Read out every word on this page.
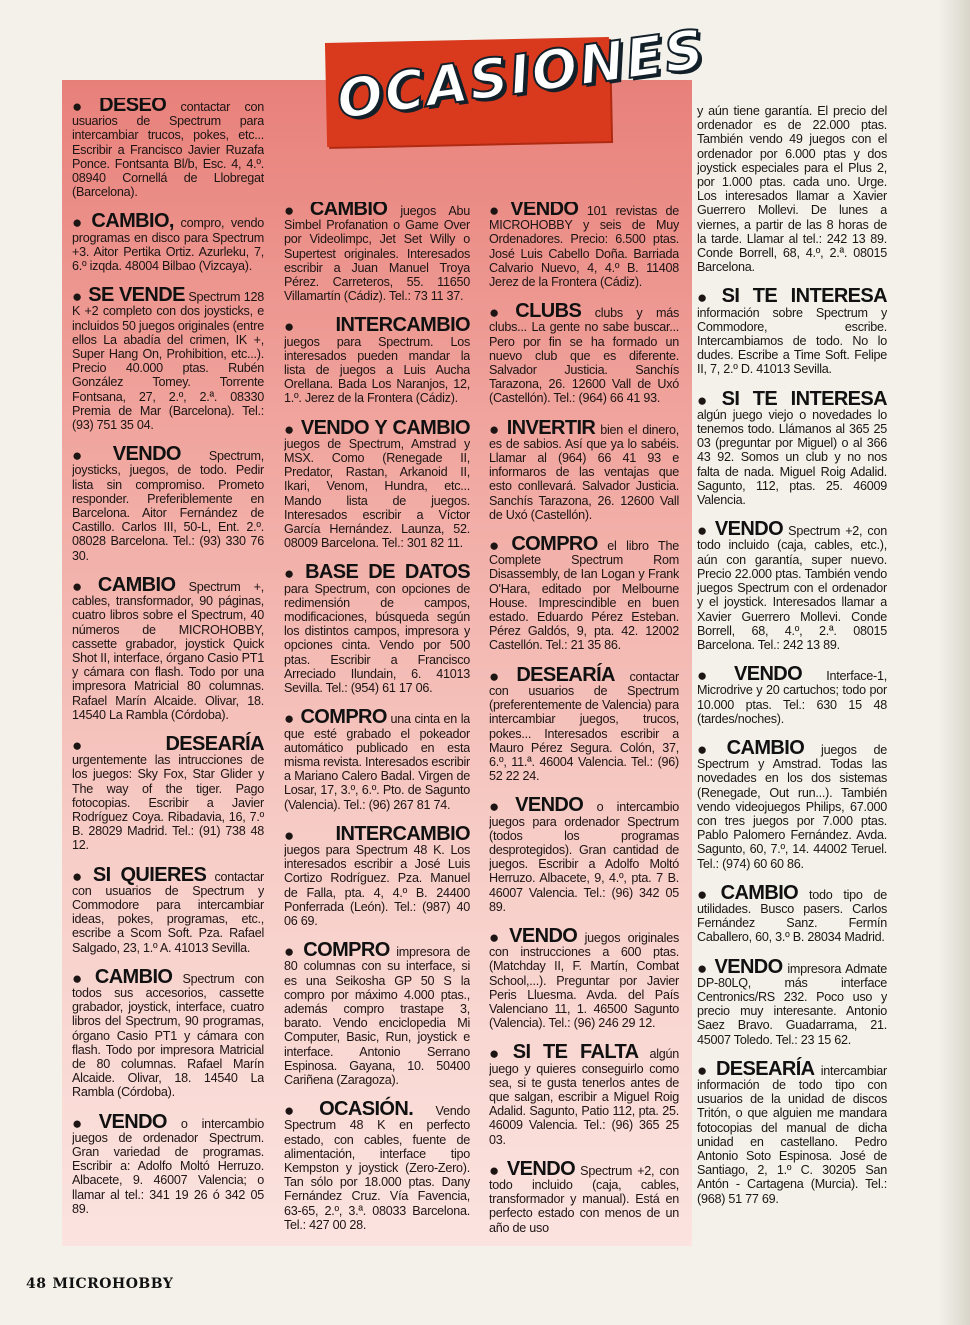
OCASIONES

● DESEO contactar con usuarios de Spectrum para intercambiar trucos, pokes, etc... Escribir a Francisco Javier Ruzafa Ponce. Fontsanta Bl/b, Esc. 4, 4.º. 08940 Cornellá de Llobregat (Barcelona).

● CAMBIO, compro, vendo programas en disco para Spectrum +3. Aitor Pertika Ortiz. Azurleku, 7, 6.º izqda. 48004 Bilbao (Vizcaya).

● SE VENDE Spectrum 128 K +2 completo con dos joysticks, e incluidos 50 juegos originales (entre ellos La abadía del crimen, IK +, Super Hang On, Prohibition, etc...). Precio 40.000 ptas. Rubén González Tomey. Torrente Fontsana, 27, 2.º, 2.ª. 08330 Premia de Mar (Barcelona). Tel.: (93) 751 35 04.

● VENDO Spectrum, joysticks, juegos, de todo. Pedir lista sin compromiso. Prometo responder. Preferiblemente en Barcelona. Aitor Fernández de Castillo. Carlos III, 50-L, Ent. 2.º. 08028 Barcelona. Tel.: (93) 330 76 30.

● CAMBIO Spectrum +, cables, transformador, 90 páginas, cuatro libros sobre el Spectrum, 40 números de MICROHOBBY, cassette grabador, joystick Quick Shot II, interface, órgano Casio PT1 y cámara con flash. Todo por una impresora Matricial 80 columnas. Rafael Marín Alcaide. Olivar, 18. 14540 La Rambla (Córdoba).

● DESEARÍA urgentemente las intrucciones de los juegos: Sky Fox, Star Glider y The way of the tiger. Pago fotocopias. Escribir a Javier Rodríguez Coya. Ribadavia, 16, 7.º B. 28029 Madrid. Tel.: (91) 738 48 12.

● SI QUIERES contactar con usuarios de Spectrum y Commodore para intercambiar ideas, pokes, programas, etc., escribe a Scom Soft. Pza. Rafael Salgado, 23, 1.º A. 41013 Sevilla.

● CAMBIO Spectrum con todos sus accesorios, cassette grabador, joystick, interface, cuatro libros del Spectrum, 90 programas, órgano Casio PT1 y cámara con flash. Todo por impresora Matricial de 80 columnas. Rafael Marín Alcaide. Olivar, 18. 14540 La Rambla (Córdoba).

● VENDO o intercambio juegos de ordenador Spectrum. Gran variedad de programas. Escribir a: Adolfo Moltó Herruzo. Albacete, 9. 46007 Valencia; o llamar al tel.: 341 19 26 ó 342 05 89.

● CAMBIO juegos Abu Simbel Profanation o Game Over por Videolimpc, Jet Set Willy o Supertest originales. Interesados escribir a Juan Manuel Troya Pérez. Carreteros, 55. 11650 Villamartín (Cádiz). Tel.: 73 11 37.

● INTERCAMBIO juegos para Spectrum. Los interesados pueden mandar la lista de juegos a Luis Aucha Orellana. Bada Los Naranjos, 12, 1.º. Jerez de la Frontera (Cádiz).

● VENDO Y CAMBIO juegos de Spectrum, Amstrad y MSX. Como (Renegade II, Predator, Rastan, Arkanoid II, Ikari, Venom, Hundra, etc... Mando lista de juegos. Interesados escribir a Víctor García Hernández. Launza, 52. 08009 Barcelona. Tel.: 301 82 11.

● BASE DE DATOS para Spectrum, con opciones de redimensión de campos, modificaciones, búsqueda según los distintos campos, impresora y opciones cinta. Vendo por 500 ptas. Escribir a Francisco Arreciado Ilundain, 6. 41013 Sevilla. Tel.: (954) 61 17 06.

● COMPRO una cinta en la que esté grabado el pokeador automático publicado en esta misma revista. Interesados escribir a Mariano Calero Badal. Virgen de Losar, 17, 3.º, 6.º. Pto. de Sagunto (Valencia). Tel.: (96) 267 81 74.

● INTERCAMBIO juegos para Spectrum 48 K. Los interesados escribir a José Luis Cortizo Rodríguez. Pza. Manuel de Falla, pta. 4, 4.º B. 24400 Ponferrada (León). Tel.: (987) 40 06 69.

● COMPRO impresora de 80 columnas con su interface, si es una Seikosha GP 50 S la compro por máximo 4.000 ptas., además compro trastape 3, barato. Vendo enciclopedia Mi Computer, Basic, Run, joystick e interface. Antonio Serrano Espinosa. Gayana, 10. 50400 Cariñena (Zaragoza).

● OCASIÓN. Vendo Spectrum 48 K en perfecto estado, con cables, fuente de alimentación, interface tipo Kempston y joystick (Zero-Zero). Tan sólo por 18.000 ptas. Dany Fernández Cruz. Vía Favencia, 63-65, 2.º, 3.ª. 08033 Barcelona. Tel.: 427 00 28.

● VENDO 101 revistas de MICROHOBBY y seis de Muy Ordenadores. Precio: 6.500 ptas. José Luis Cabello Doña. Barriada Calvario Nuevo, 4, 4.º B. 11408 Jerez de la Frontera (Cádiz).

● CLUBS clubs y más clubs... La gente no sabe buscar... Pero por fin se ha formado un nuevo club que es diferente. Salvador Justicia. Sanchís Tarazona, 26. 12600 Vall de Uxó (Castellón). Tel.: (964) 66 41 93.

● INVERTIR bien el dinero, es de sabios. Así que ya lo sabéis. Llamar al (964) 66 41 93 e informaros de las ventajas que esto conllevará. Salvador Justicia. Sanchís Tarazona, 26. 12600 Vall de Uxó (Castellón).

● COMPRO el libro The Complete Spectrum Rom Disassembly, de Ian Logan y Frank O'Hara, editado por Melbourne House. Imprescindible en buen estado. Eduardo Pérez Esteban. Pérez Galdós, 9, pta. 42. 12002 Castellón. Tel.: 21 35 86.

● DESEARÍA contactar con usuarios de Spectrum (preferentemente de Valencia) para intercambiar juegos, trucos, pokes... Interesados escribir a Mauro Pérez Segura. Colón, 37, 6.º, 11.ª. 46004 Valencia. Tel.: (96) 52 22 24.

● VENDO o intercambio juegos para ordenador Spectrum (todos los programas desprotegidos). Gran cantidad de juegos. Escribir a Adolfo Moltó Herruzo. Albacete, 9, 4.º, pta. 7 B. 46007 Valencia. Tel.: (96) 342 05 89.

● VENDO juegos originales con instrucciones a 600 ptas. (Matchday II, F. Martín, Combat School,...). Preguntar por Javier Peris Lluesma. Avda. del País Valenciano 11, 1. 46500 Sagunto (Valencia). Tel.: (96) 246 29 12.

● SI TE FALTA algún juego y quieres conseguirlo como sea, si te gusta tenerlos antes de que salgan, escribir a Miguel Roig Adalid. Sagunto, Patio 112, pta. 25. 46009 Valencia. Tel.: (96) 365 25 03.

● VENDO Spectrum +2, con todo incluido (caja, cables, transformador y manual). Está en perfecto estado con menos de un año de uso

y aún tiene garantía. El precio del ordenador es de 22.000 ptas. También vendo 49 juegos con el ordenador por 6.000 ptas y dos joystick especiales para el Plus 2, por 1.000 ptas. cada uno. Urge. Los interesados llamar a Xavier Guerrero Mollevi. De lunes a viernes, a partir de las 8 horas de la tarde. Llamar al tel.: 242 13 89. Conde Borrell, 68, 4.º, 2.ª. 08015 Barcelona.

● SI TE INTERESA información sobre Spectrum y Commodore, escribe. Intercambiamos de todo. No lo dudes. Escribe a Time Soft. Felipe II, 7, 2.º D. 41013 Sevilla.

● SI TE INTERESA algún juego viejo o novedades lo tenemos todo. Llámanos al 365 25 03 (preguntar por Miguel) o al 366 43 92. Somos un club y no nos falta de nada. Miguel Roig Adalid. Sagunto, 112, ptas. 25. 46009 Valencia.

● VENDO Spectrum +2, con todo incluido (caja, cables, etc.), aún con garantía, super nuevo. Precio 22.000 ptas. También vendo juegos Spectrum con el ordenador y el joystick. Interesados llamar a Xavier Guerrero Mollevi. Conde Borrell, 68, 4.º, 2.ª. 08015 Barcelona. Tel.: 242 13 89.

● VENDO Interface-1, Microdrive y 20 cartuchos; todo por 10.000 ptas. Tel.: 630 15 48 (tardes/noches).

● CAMBIO juegos de Spectrum y Amstrad. Todas las novedades en los dos sistemas (Renegade, Out run...). También vendo videojuegos Philips, 67.000 con tres juegos por 7.000 ptas. Pablo Palomero Fernández. Avda. Sagunto, 60, 7.º, 14. 44002 Teruel. Tel.: (974) 60 60 86.

● CAMBIO todo tipo de utilidades. Busco pasers. Carlos Fernández Sanz. Fermín Caballero, 60, 3.º B. 28034 Madrid.

● VENDO impresora Admate DP-80LQ, más interface Centronics/RS 232. Poco uso y precio muy interesante. Antonio Saez Bravo. Guadarrama, 21. 45007 Toledo. Tel.: 23 15 62.

● DESEARÍA intercambiar información de todo tipo con usuarios de la unidad de discos Tritón, o que alguien me mandara fotocopias del manual de dicha unidad en castellano. Pedro Antonio Soto Espinosa. José de Santiago, 2, 1.º C. 30205 San Antón - Cartagena (Murcia). Tel.: (968) 51 77 69.

48 MICROHOBBY
